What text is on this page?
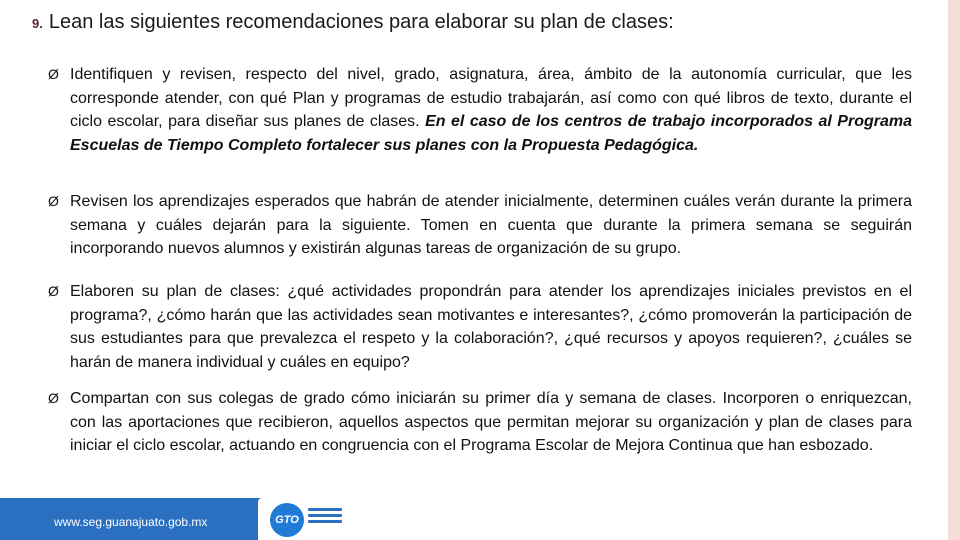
9. Lean las siguientes recomendaciones para elaborar su plan de clases:
Ø Identifiquen y revisen, respecto del nivel, grado, asignatura, área, ámbito de la autonomía curricular, que les corresponde atender, con qué Plan y programas de estudio trabajarán, así como con qué libros de texto, durante el ciclo escolar, para diseñar sus planes de clases. En el caso de los centros de trabajo incorporados al Programa Escuelas de Tiempo Completo fortalecer sus planes con la Propuesta Pedagógica.
Ø Revisen los aprendizajes esperados que habrán de atender inicialmente, determinen cuáles verán durante la primera semana y cuáles dejarán para la siguiente. Tomen en cuenta que durante la primera semana se seguirán incorporando nuevos alumnos y existirán algunas tareas de organización de su grupo.
Ø Elaboren su plan de clases: ¿qué actividades propondrán para atender los aprendizajes iniciales previstos en el programa?, ¿cómo harán que las actividades sean motivantes e interesantes?, ¿cómo promoverán la participación de sus estudiantes para que prevalezca el respeto y la colaboración?, ¿qué recursos y apoyos requieren?, ¿cuáles se harán de manera individual y cuáles en equipo?
Ø Compartan con sus colegas de grado cómo iniciarán su primer día y semana de clases. Incorporen o enriquezcan, con las aportaciones que recibieron, aquellos aspectos que permitan mejorar su organización y plan de clases para iniciar el ciclo escolar, actuando en congruencia con el Programa Escolar de Mejora Continua que han esbozado.
www.seg.guanajuato.gob.mx	GTO
